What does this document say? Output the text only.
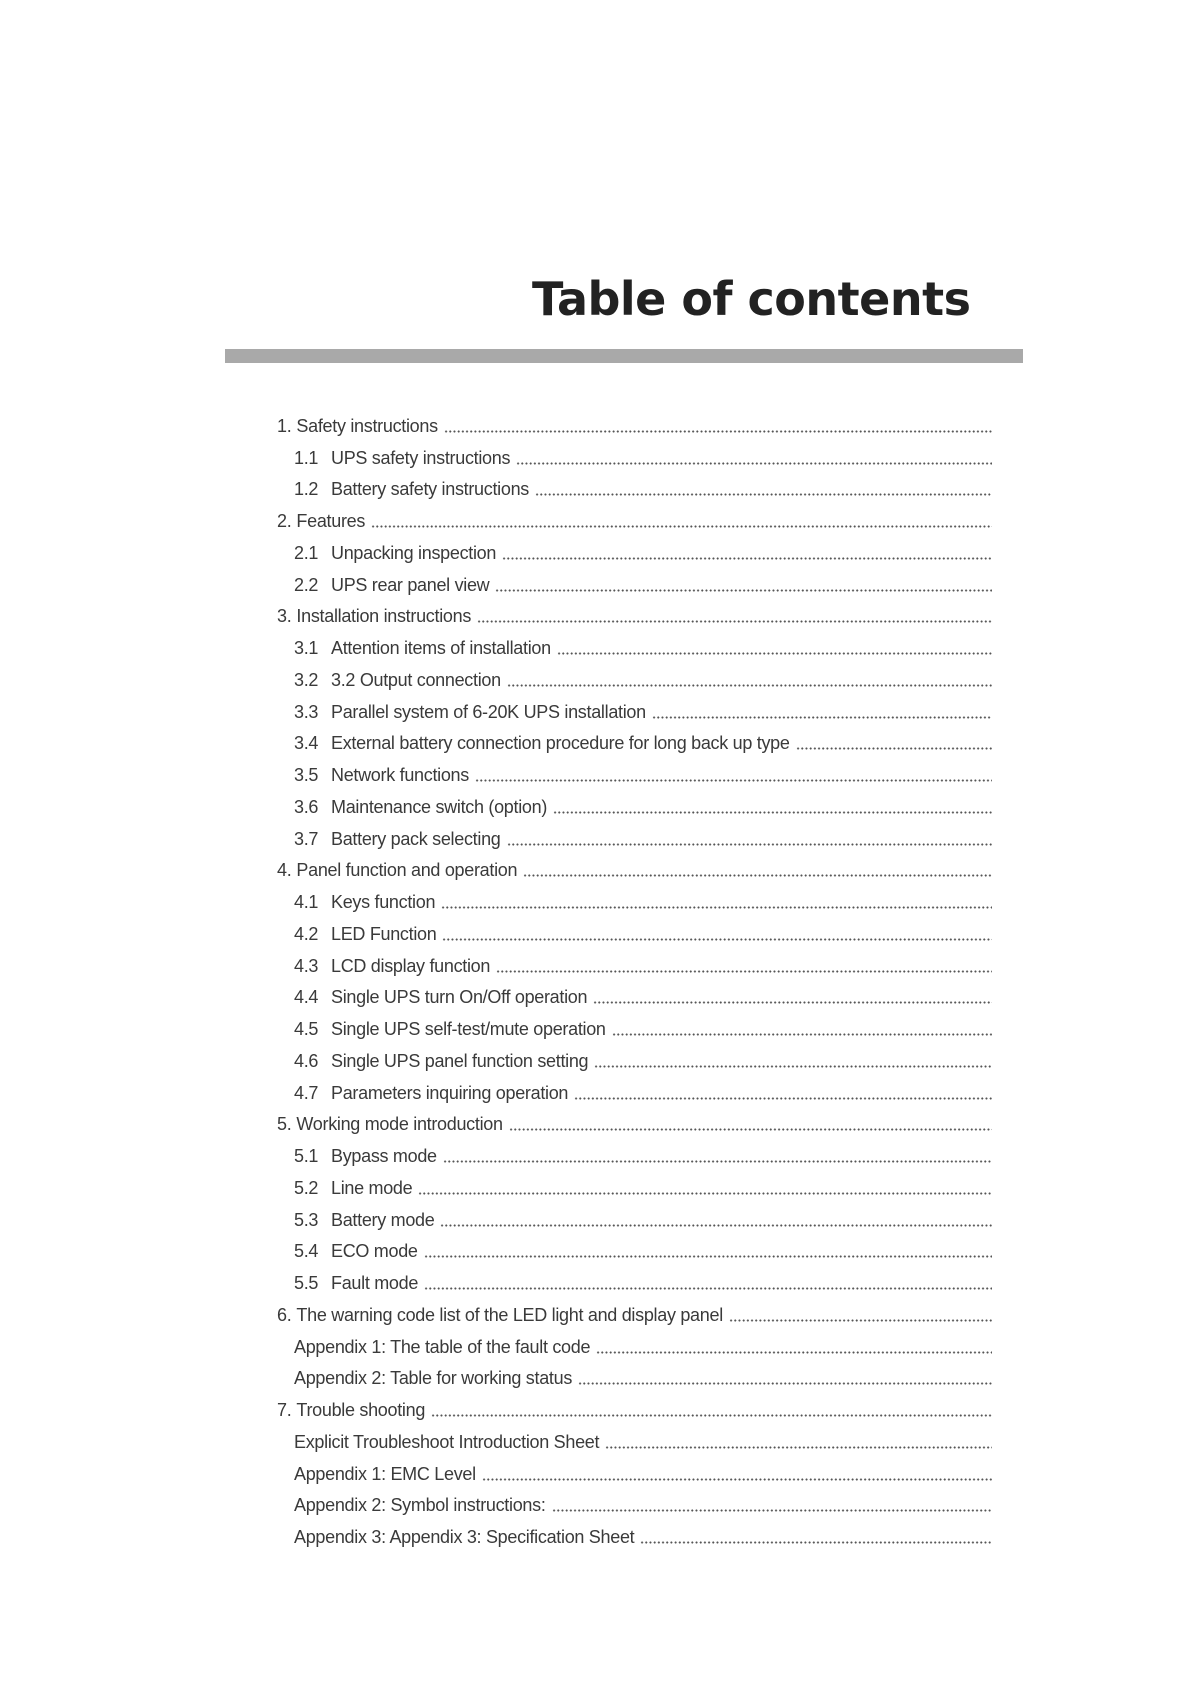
Table of contents
1. Safety instructions
1.1 UPS safety instructions
1.2 Battery safety instructions
2. Features
2.1 Unpacking inspection
2.2 UPS rear panel view
3. Installation instructions
3.1 Attention items of installation
3.2 3.2 Output connection
3.3 Parallel system of 6-20K UPS installation
3.4 External battery connection procedure for long back up type
3.5 Network functions
3.6 Maintenance switch (option)
3.7 Battery pack selecting
4. Panel function and operation
4.1 Keys function
4.2 LED Function
4.3 LCD display function
4.4 Single UPS turn On/Off operation
4.5 Single UPS self-test/mute operation
4.6 Single UPS panel function setting
4.7 Parameters inquiring operation
5. Working mode introduction
5.1 Bypass mode
5.2 Line mode
5.3 Battery mode
5.4 ECO mode
5.5 Fault mode
6. The warning code list of the LED light and display panel
Appendix 1: The table of the fault code
Appendix 2: Table for working status
7. Trouble shooting
Explicit Troubleshoot Introduction Sheet
Appendix 1: EMC Level
Appendix 2: Symbol instructions:
Appendix 3: Appendix 3: Specification Sheet
